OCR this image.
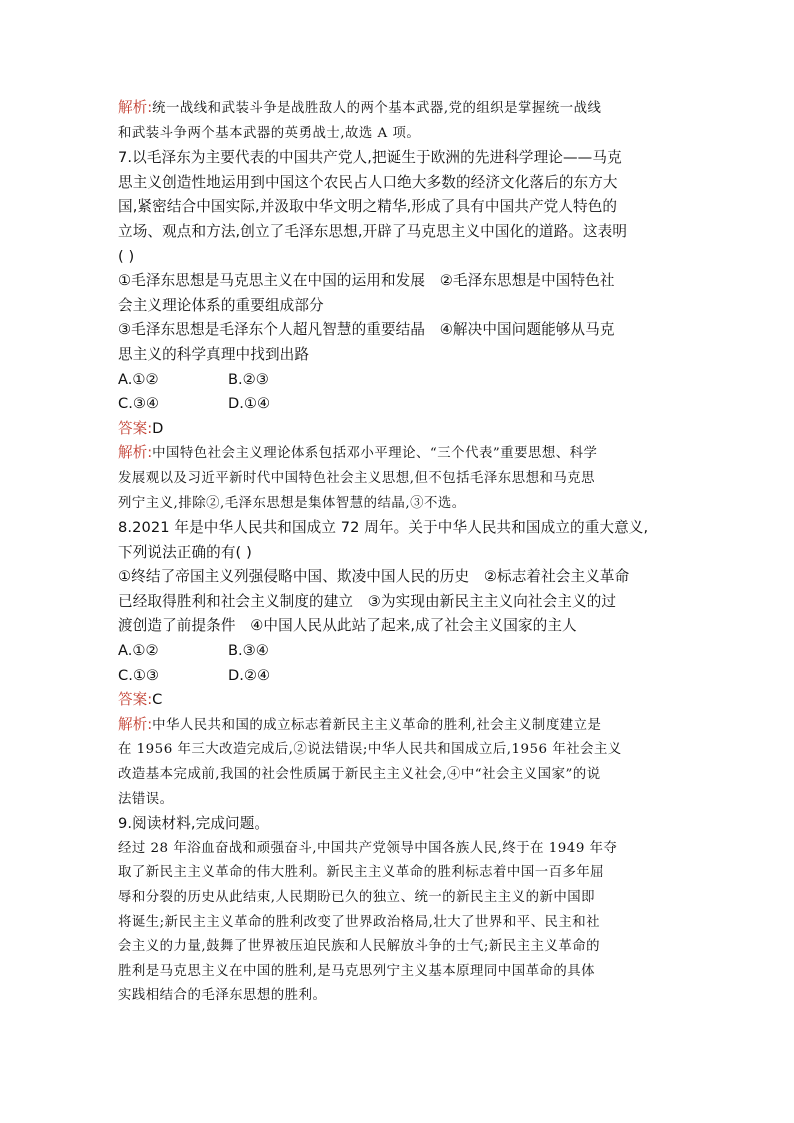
解析:统一战线和武装斗争是战胜敌人的两个基本武器,党的组织是掌握统一战线
和武装斗争两个基本武器的英勇战士,故选 A 项。
7.以毛泽东为主要代表的中国共产党人,把诞生于欧洲的先进科学理论——马克
思主义创造性地运用到中国这个农民占人口绝大多数的经济文化落后的东方大
国,紧密结合中国实际,并汲取中华文明之精华,形成了具有中国共产党人特色的
立场、观点和方法,创立了毛泽东思想,开辟了马克思主义中国化的道路。这表明
( )
①毛泽东思想是马克思主义在中国的运用和发展　②毛泽东思想是中国特色社
会主义理论体系的重要组成部分
③毛泽东思想是毛泽东个人超凡智慧的重要结晶　④解决中国问题能够从马克
思主义的科学真理中找到出路
A.①②	B.②③
C.③④	D.①④
答案:D
解析:中国特色社会主义理论体系包括邓小平理论、“三个代表”重要思想、科学
发展观以及习近平新时代中国特色社会主义思想,但不包括毛泽东思想和马克思
列宁主义,排除②,毛泽东思想是集体智慧的结晶,③不选。
8.2021 年是中华人民共和国成立 72 周年。关于中华人民共和国成立的重大意义,
下列说法正确的有( )
①终结了帝国主义列强侵略中国、欺凌中国人民的历史　②标志着社会主义革命
已经取得胜利和社会主义制度的建立　③为实现由新民主主义向社会主义的过
渡创造了前提条件　④中国人民从此站了起来,成了社会主义国家的主人
A.①②	B.③④
C.①③	D.②④
答案:C
解析:中华人民共和国的成立标志着新民主主义革命的胜利,社会主义制度建立是
在 1956 年三大改造完成后,②说法错误;中华人民共和国成立后,1956 年社会主义
改造基本完成前,我国的社会性质属于新民主主义社会,④中“社会主义国家”的说
法错误。
9.阅读材料,完成问题。
经过 28 年浴血奋战和顽强奋斗,中国共产党领导中国各族人民,终于在 1949 年夺
取了新民主主义革命的伟大胜利。新民主主义革命的胜利标志着中国一百多年屈
辱和分裂的历史从此结束,人民期盼已久的独立、统一的新民主主义的新中国即
将诞生;新民主主义革命的胜利改变了世界政治格局,壮大了世界和平、民主和社
会主义的力量,鼓舞了世界被压迫民族和人民解放斗争的士气;新民主主义革命的
胜利是马克思主义在中国的胜利,是马克思列宁主义基本原理同中国革命的具体
实践相结合的毛泽东思想的胜利。
